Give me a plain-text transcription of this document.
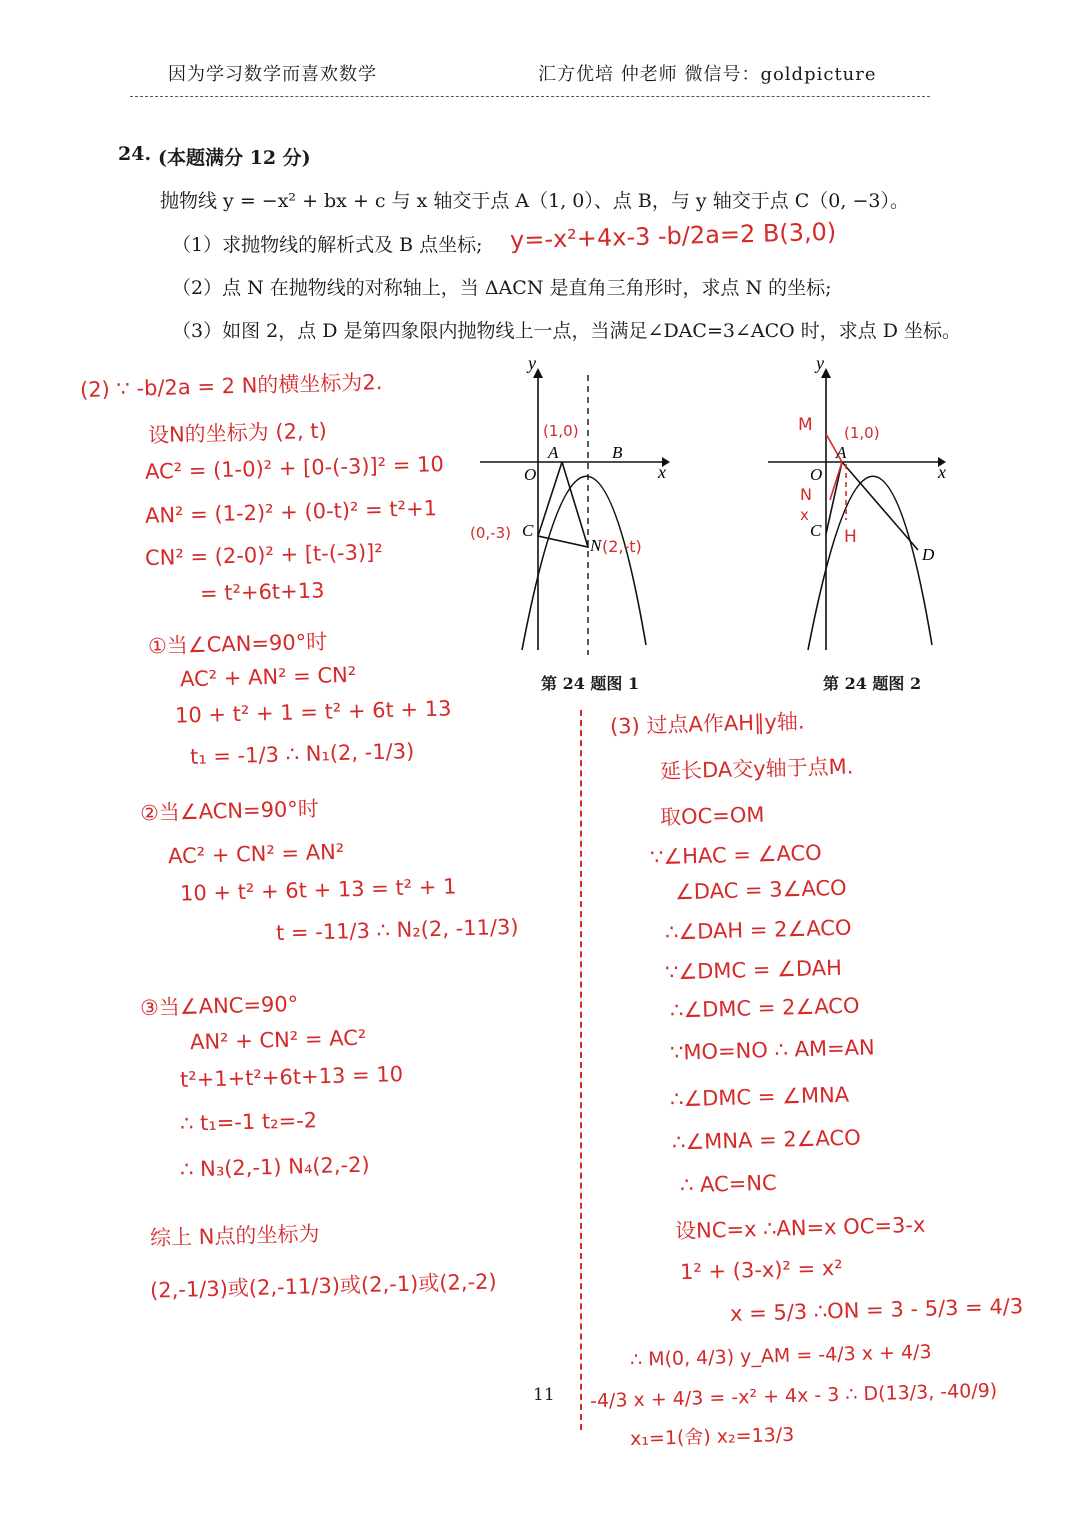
因为学习数学而喜欢数学	汇方优培 仲老师 微信号：goldpicture
24. (本题满分 12 分)
抛物线 y = −x² + bx + c 与 x 轴交于点 A（1, 0）、点 B，与 y 轴交于点 C（0, −3）。
（1）求抛物线的解析式及 B 点坐标;
（2）点 N 在抛物线的对称轴上，当 ΔACN 是直角三角形时，求点 N 的坐标;
（3）如图 2，点 D 是第四象限内抛物线上一点，当满足∠DAC=3∠ACO 时，求点 D 坐标。
y=-x²+4x-3 -b/2a=2 B(3,0)
y
x
O
A	B
C
N
(1,0)
(0,-3)
(2,-t)
第 24 题图 1
y
x
O
A
C
D
M (1,0)
N
x
H
第 24 题图 2
(2) ∵ -b/2a = 2 N的横坐标为2.
设N的坐标为 (2, t)
AC² = (1-0)² + [0-(-3)]² = 10
AN² = (1-2)² + (0-t)² = t²+1
CN² = (2-0)² + [t-(-3)]²
= t²+6t+13
①当∠CAN=90°时
AC² + AN² = CN²
10 + t² + 1 = t² + 6t + 13
t₁ = -1/3 ∴ N₁(2, -1/3)
②当∠ACN=90°时
AC² + CN² = AN²
10 + t² + 6t + 13 = t² + 1
t = -11/3 ∴ N₂(2, -11/3)
③当∠ANC=90°
AN² + CN² = AC²
t²+1+t²+6t+13 = 10
∴ t₁=-1 t₂=-2
∴ N₃(2,-1) N₄(2,-2)
综上 N点的坐标为
(2,-1/3)或(2,-11/3)或(2,-1)或(2,-2)
(3) 过点A作AH∥y轴.
延长DA交y轴于点M.
取OC=OM
∵∠HAC = ∠ACO
∠DAC = 3∠ACO
∴∠DAH = 2∠ACO
∵∠DMC = ∠DAH
∴∠DMC = 2∠ACO
∵MO=NO ∴ AM=AN
∴∠DMC = ∠MNA
∴∠MNA = 2∠ACO
∴ AC=NC
设NC=x ∴AN=x OC=3-x
1² + (3-x)² = x²
x = 5/3 ∴ON = 3 - 5/3 = 4/3
∴ M(0, 4/3) y_AM = -4/3 x + 4/3
-4/3 x + 4/3 = -x² + 4x - 3 ∴ D(13/3, -40/9)
x₁=1(舍) x₂=13/3
11
